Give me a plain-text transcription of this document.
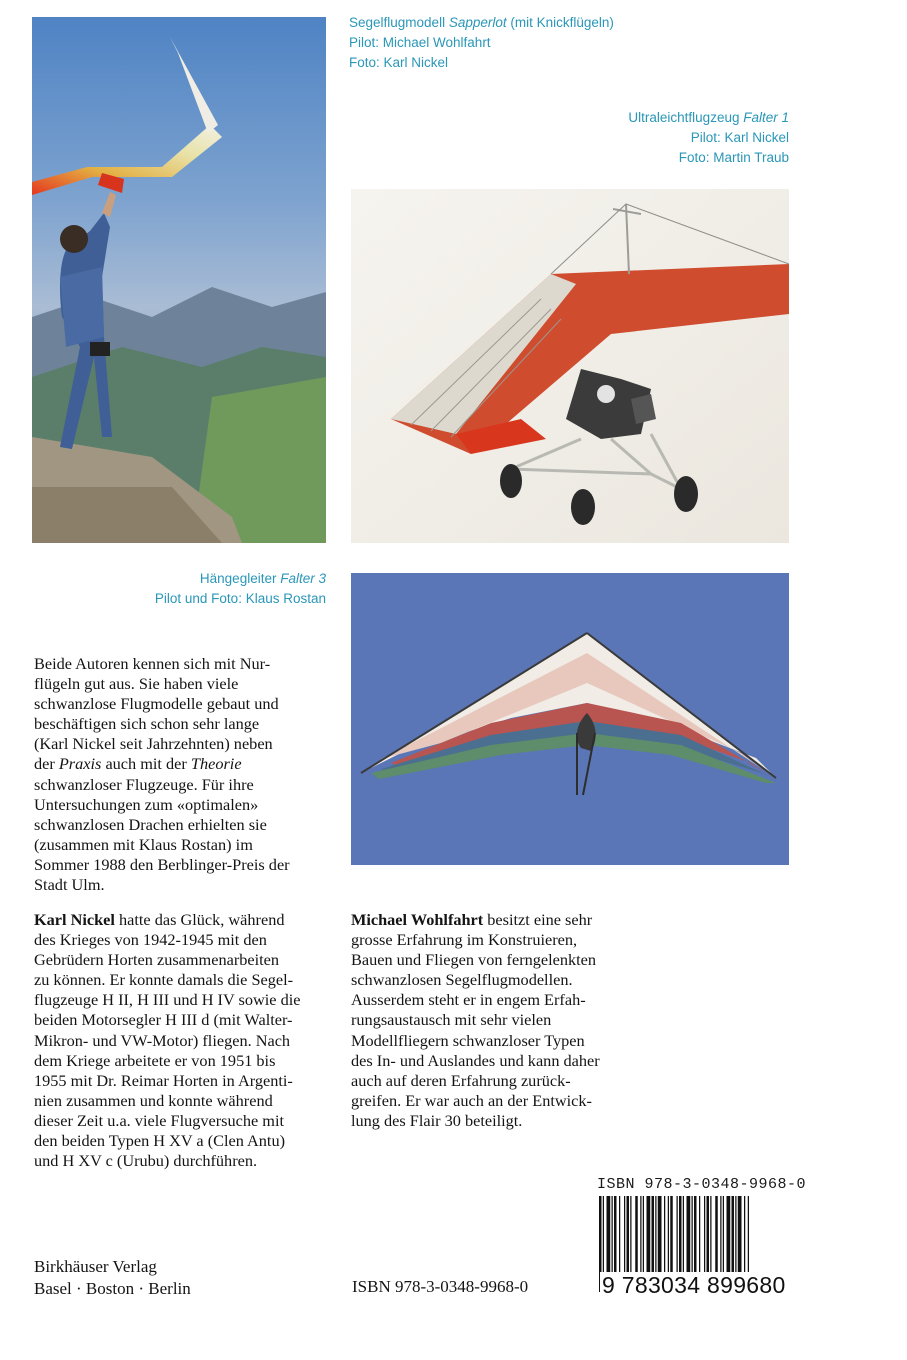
Segelflugmodell Sapperlot (mit Knickflügeln)
Pilot: Michael Wohlfahrt
Foto: Karl Nickel
Ultraleichtflugzeug Falter 1
Pilot: Karl Nickel
Foto: Martin Traub
Hängegleiter Falter 3
Pilot und Foto: Klaus Rostan
Beide Autoren kennen sich mit Nur-
flügeln gut aus. Sie haben viele
schwanzlose Flugmodelle gebaut und
beschäftigen sich schon sehr lange
(Karl Nickel seit Jahrzehnten) neben
der Praxis auch mit der Theorie
schwanzloser Flugzeuge. Für ihre
Untersuchungen zum «optimalen»
schwanzlosen Drachen erhielten sie
(zusammen mit Klaus Rostan) im
Sommer 1988 den Berblinger-Preis der
Stadt Ulm.
Karl Nickel hatte das Glück, während
des Krieges von 1942-1945 mit den
Gebrüdern Horten zusammenarbeiten
zu können. Er konnte damals die Segel-
flugzeuge H II, H III und H IV sowie die
beiden Motorsegler H III d (mit Walter-
Mikron- und VW-Motor) fliegen. Nach
dem Kriege arbeitete er von 1951 bis
1955 mit Dr. Reimar Horten in Argenti-
nien zusammen und konnte während
dieser Zeit u.a. viele Flugversuche mit
den beiden Typen H XV a (Clen Antu)
und H XV c (Urubu) durchführen.
Michael Wohlfahrt besitzt eine sehr
grosse Erfahrung im Konstruieren,
Bauen und Fliegen von ferngelenkten
schwanzlosen Segelflugmodellen.
Ausserdem steht er in engem Erfah-
rungsaustausch mit sehr vielen
Modellfliegern schwanzloser Typen
des In- und Auslandes und kann daher
auch auf deren Erfahrung zurück-
greifen. Er war auch an der Entwick-
lung des Flair 30 beteiligt.
ISBN 978-3-0348-9968-0
9 783034 899680
Birkhäuser Verlag
Basel · Boston · Berlin	ISBN 978-3-0348-9968-0
